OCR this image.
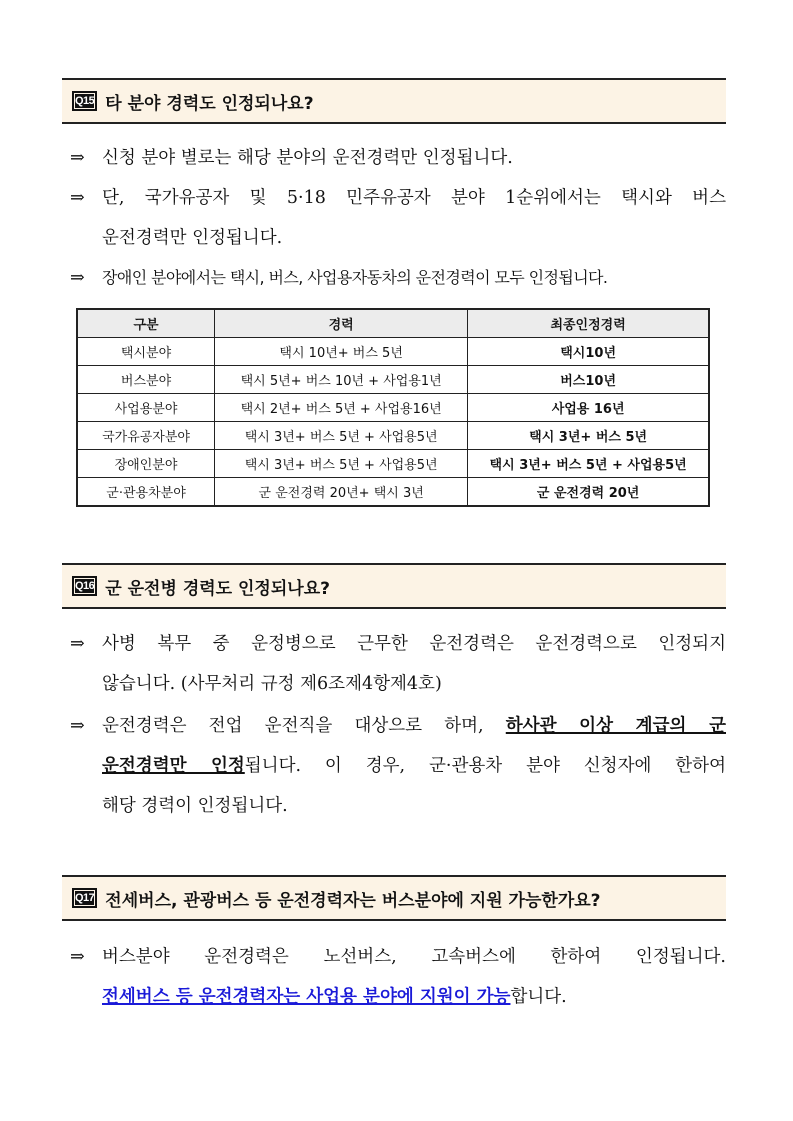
Q15 타 분야 경력도 인정되나요?
⇒ 신청 분야 별로는 해당 분야의 운전경력만 인정됩니다.
⇒ 단, 국가유공자 및 5·18 민주유공자 분야 1순위에서는 택시와 버스
운전경력만 인정됩니다.
⇒ 장애인 분야에서는 택시, 버스, 사업용자동차의 운전경력이 모두 인정됩니다.
구분	경력	최종인정경력
택시분야	택시 10년+ 버스 5년	택시10년
버스분야	택시 5년+ 버스 10년 + 사업용1년	버스10년
사업용분야	택시 2년+ 버스 5년 + 사업용16년	사업용 16년
국가유공자분야	택시 3년+ 버스 5년 + 사업용5년	택시 3년+ 버스 5년
장애인분야	택시 3년+ 버스 5년 + 사업용5년	택시 3년+ 버스 5년 + 사업용5년
군·관용차분야	군 운전경력 20년+ 택시 3년	군 운전경력 20년
Q16 군 운전병 경력도 인정되나요?
⇒ 사병 복무 중 운정병으로 근무한 운전경력은 운전경력으로 인정되지
않습니다. (사무처리 규정 제6조제4항제4호)
⇒ 운전경력은 전업 운전직을 대상으로 하며, 하사관 이상 계급의 군
운전경력만 인정됩니다. 이 경우, 군·관용차 분야 신청자에 한하여
해당 경력이 인정됩니다.
Q17 전세버스, 관광버스 등 운전경력자는 버스분야에 지원 가능한가요?
⇒ 버스분야 운전경력은 노선버스, 고속버스에 한하여 인정됩니다.
전세버스 등 운전경력자는 사업용 분야에 지원이 가능합니다.
